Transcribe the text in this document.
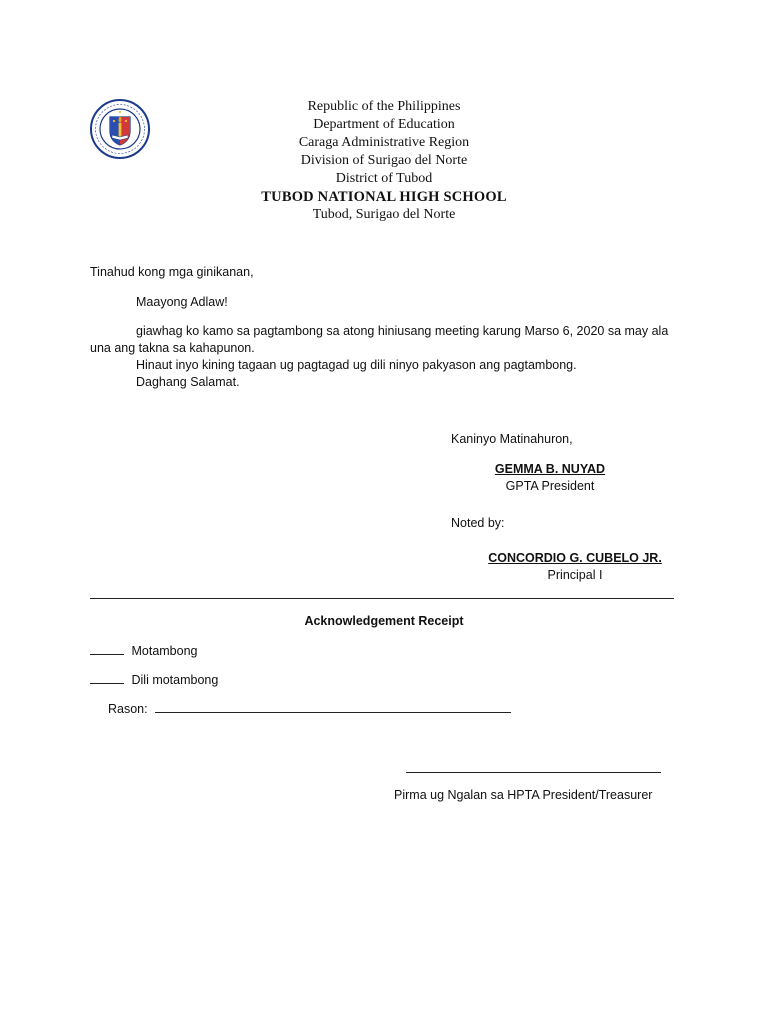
Republic of the Philippines
Department of Education
Caraga Administrative Region
Division of Surigao del Norte
District of Tubod
TUBOD NATIONAL HIGH SCHOOL
Tubod, Surigao del Norte
Tinahud kong mga ginikanan,
Maayong Adlaw!
giawhag ko kamo sa pagtambong sa atong hiniusang meeting karung Marso 6, 2020 sa may ala una ang takna sa kahapunon.
Hinaut inyo kining tagaan ug pagtagad ug dili ninyo pakyason ang pagtambong.
Daghang Salamat.
Kaninyo Matinahuron,
GEMMA B. NUYAD
GPTA President
Noted by:
CONCORDIO G. CUBELO JR.
Principal I
Acknowledgement Receipt
Motambong
Dili motambong
Rason:
Pirma ug Ngalan sa HPTA President/Treasurer
